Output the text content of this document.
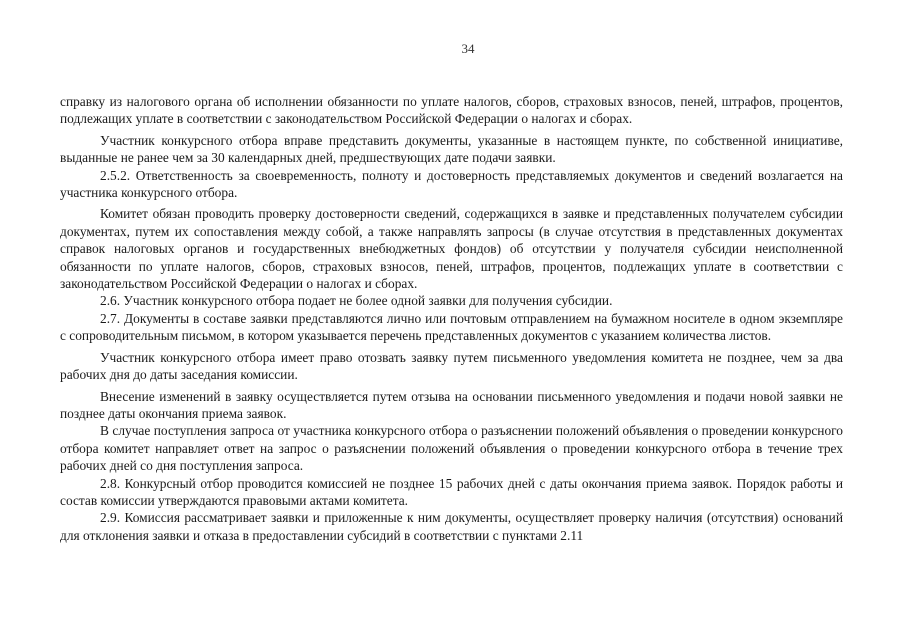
34

справку из налогового органа об исполнении обязанности по уплате налогов, сборов, страховых взносов, пеней, штрафов, процентов, подлежащих уплате в соответствии с законодательством Российской Федерации о налогах и сборах.

Участник конкурсного отбора вправе представить документы, указанные в настоящем пункте, по собственной инициативе, выданные не ранее чем за 30 календарных дней, предшествующих дате подачи заявки.

2.5.2. Ответственность за своевременность, полноту и достоверность представляемых документов и сведений возлагается на участника конкурсного отбора.

Комитет обязан проводить проверку достоверности сведений, содержащихся в заявке и представленных получателем субсидии документах, путем их сопоставления между собой, а также направлять запросы (в случае отсутствия в представленных документах справок налоговых органов и государственных внебюджетных фондов) об отсутствии у получателя субсидии неисполненной обязанности по уплате налогов, сборов, страховых взносов, пеней, штрафов, процентов, подлежащих уплате в соответствии с законодательством Российской Федерации о налогах и сборах.

2.6. Участник конкурсного отбора подает не более одной заявки для получения субсидии.

2.7. Документы в составе заявки представляются лично или почтовым отправлением на бумажном носителе в одном экземпляре с сопроводительным письмом, в котором указывается перечень представленных документов с указанием количества листов.

Участник конкурсного отбора имеет право отозвать заявку путем письменного уведомления комитета не позднее, чем за два рабочих дня до даты заседания комиссии.

Внесение изменений в заявку осуществляется путем отзыва на основании письменного уведомления и подачи новой заявки не позднее даты окончания приема заявок.

В случае поступления запроса от участника конкурсного отбора о разъяснении положений объявления о проведении конкурсного отбора комитет направляет ответ на запрос о разъяснении положений объявления о проведении конкурсного отбора в течение трех рабочих дней со дня поступления запроса.

2.8. Конкурсный отбор проводится комиссией не позднее 15 рабочих дней с даты окончания приема заявок. Порядок работы и состав комиссии утверждаются правовыми актами комитета.

2.9. Комиссия рассматривает заявки и приложенные к ним документы, осуществляет проверку наличия (отсутствия) оснований для отклонения заявки и отказа в предоставлении субсидий в соответствии с пунктами 2.11
